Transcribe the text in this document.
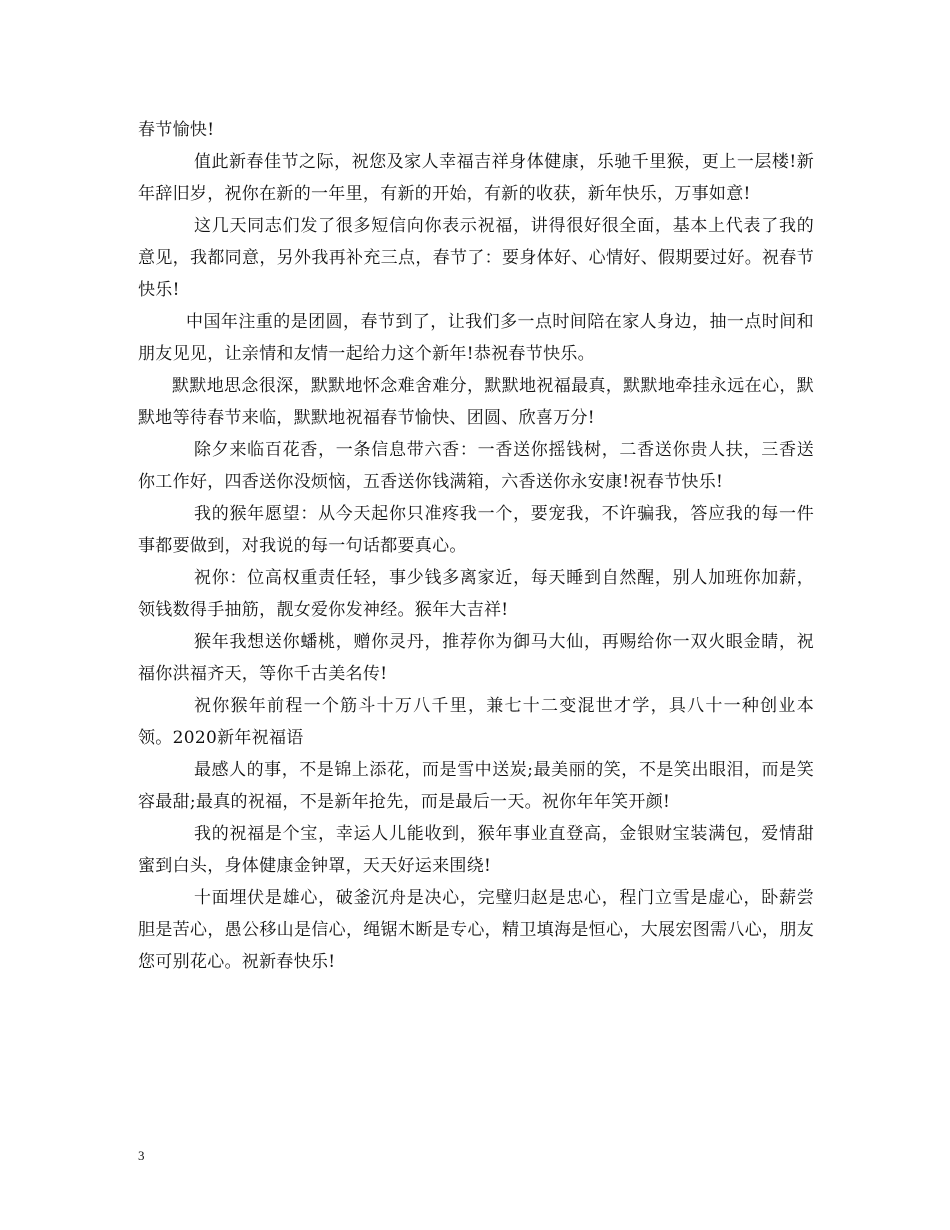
春节愉快!

值此新春佳节之际，祝您及家人幸福吉祥身体健康，乐驰千里猴，更上一层楼!新年辞旧岁，祝你在新的一年里，有新的开始，有新的收获，新年快乐，万事如意!

这几天同志们发了很多短信向你表示祝福，讲得很好很全面，基本上代表了我的意见，我都同意，另外我再补充三点，春节了：要身体好、心情好、假期要过好。祝春节快乐!

中国年注重的是团圆，春节到了，让我们多一点时间陪在家人身边，抽一点时间和朋友见见，让亲情和友情一起给力这个新年!恭祝春节快乐。

默默地思念很深，默默地怀念难舍难分，默默地祝福最真，默默地牵挂永远在心，默默地等待春节来临，默默地祝福春节愉快、团圆、欣喜万分!

除夕来临百花香，一条信息带六香：一香送你摇钱树，二香送你贵人扶，三香送你工作好，四香送你没烦恼，五香送你钱满箱，六香送你永安康!祝春节快乐!

我的猴年愿望：从今天起你只准疼我一个，要宠我，不许骗我，答应我的每一件事都要做到，对我说的每一句话都要真心。

祝你：位高权重责任轻，事少钱多离家近，每天睡到自然醒，别人加班你加薪，领钱数得手抽筋，靓女爱你发神经。猴年大吉祥!

猴年我想送你蟠桃，赠你灵丹，推荐你为御马大仙，再赐给你一双火眼金睛，祝福你洪福齐天，等你千古美名传!

祝你猴年前程一个筋斗十万八千里，兼七十二变混世才学，具八十一种创业本领。2020新年祝福语

最感人的事，不是锦上添花，而是雪中送炭;最美丽的笑，不是笑出眼泪，而是笑容最甜;最真的祝福，不是新年抢先，而是最后一天。祝你年年笑开颜!

我的祝福是个宝，幸运人儿能收到，猴年事业直登高，金银财宝装满包，爱情甜蜜到白头，身体健康金钟罩，天天好运来围绕!

十面埋伏是雄心，破釜沉舟是决心，完璧归赵是忠心，程门立雪是虚心，卧薪尝胆是苦心，愚公移山是信心，绳锯木断是专心，精卫填海是恒心，大展宏图需八心，朋友您可别花心。祝新春快乐!

3
